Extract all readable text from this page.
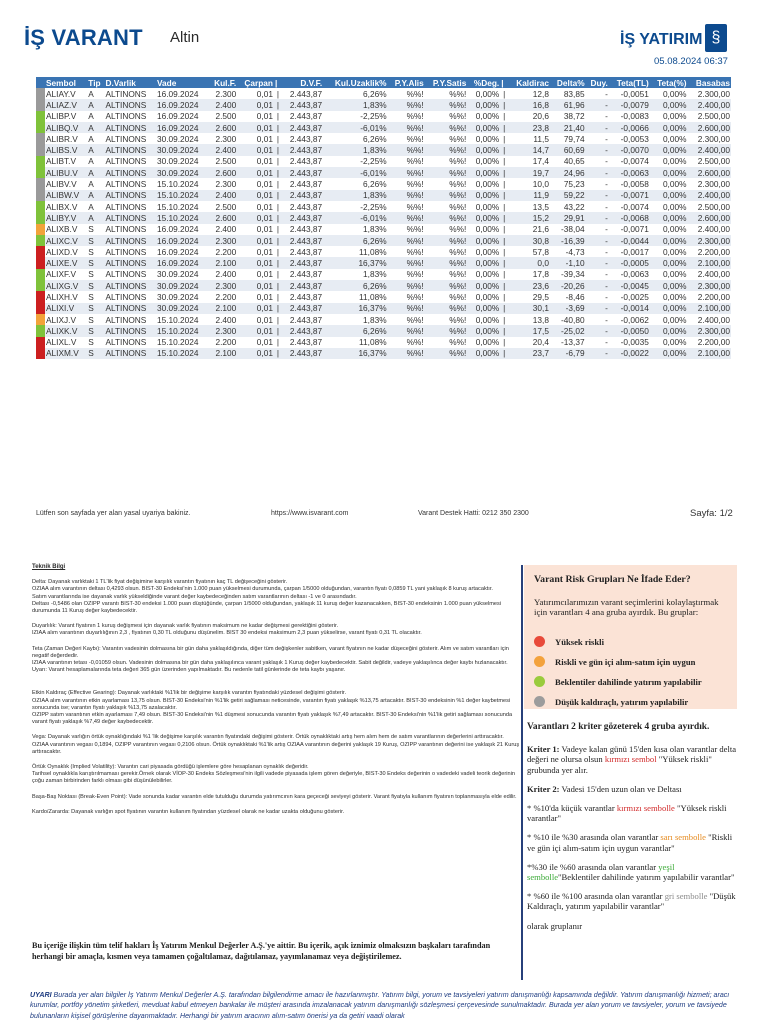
İŞ VARANT Altin	İŞ YATIRIM §
05.08.2024 06:37
	Sembol	Tip	D.Varlik	Vade	Kul.F.	Çarpan	|	D.V.F.	Kul.Uzaklik%	P.Y.Alis	P.Y.Satis	%Deg.	|	Kaldirac	Delta%	Duy.	Teta(TL)	Teta(%)	Basabas
	ALIAY.V	A	ALTINONS	16.09.2024	2.300	0,01	|	2.443,87	6,26%	%%!	%%!	0,00%	|	12,8	83,85	-	-0,0051	0,00%	2.300,00
	ALIAZ.V	A	ALTINONS	16.09.2024	2.400	0,01	|	2.443,87	1,83%	%%!	%%!	0,00%	|	16,8	61,96	-	-0,0079	0,00%	2.400,00
	ALIBP.V	A	ALTINONS	16.09.2024	2.500	0,01	|	2.443,87	-2,25%	%%!	%%!	0,00%	|	20,6	38,72	-	-0,0083	0,00%	2.500,00
	ALIBQ.V	A	ALTINONS	16.09.2024	2.600	0,01	|	2.443,87	-6,01%	%%!	%%!	0,00%	|	23,8	21,40	-	-0,0066	0,00%	2.600,00
	ALIBR.V	A	ALTINONS	30.09.2024	2.300	0,01	|	2.443,87	6,26%	%%!	%%!	0,00%	|	11,5	79,74	-	-0,0053	0,00%	2.300,00
	ALIBS.V	A	ALTINONS	30.09.2024	2.400	0,01	|	2.443,87	1,83%	%%!	%%!	0,00%	|	14,7	60,69	-	-0,0070	0,00%	2.400,00
	ALIBT.V	A	ALTINONS	30.09.2024	2.500	0,01	|	2.443,87	-2,25%	%%!	%%!	0,00%	|	17,4	40,65	-	-0,0074	0,00%	2.500,00
	ALIBU.V	A	ALTINONS	30.09.2024	2.600	0,01	|	2.443,87	-6,01%	%%!	%%!	0,00%	|	19,7	24,96	-	-0,0063	0,00%	2.600,00
	ALIBV.V	A	ALTINONS	15.10.2024	2.300	0,01	|	2.443,87	6,26%	%%!	%%!	0,00%	|	10,0	75,23	-	-0,0058	0,00%	2.300,00
	ALIBW.V	A	ALTINONS	15.10.2024	2.400	0,01	|	2.443,87	1,83%	%%!	%%!	0,00%	|	11,9	59,22	-	-0,0071	0,00%	2.400,00
	ALIBX.V	A	ALTINONS	15.10.2024	2.500	0,01	|	2.443,87	-2,25%	%%!	%%!	0,00%	|	13,5	43,22	-	-0,0074	0,00%	2.500,00
	ALIBY.V	A	ALTINONS	15.10.2024	2.600	0,01	|	2.443,87	-6,01%	%%!	%%!	0,00%	|	15,2	29,91	-	-0,0068	0,00%	2.600,00
	ALIXB.V	S	ALTINONS	16.09.2024	2.400	0,01	|	2.443,87	1,83%	%%!	%%!	0,00%	|	21,6	-38,04	-	-0,0071	0,00%	2.400,00
	ALIXC.V	S	ALTINONS	16.09.2024	2.300	0,01	|	2.443,87	6,26%	%%!	%%!	0,00%	|	30,8	-16,39	-	-0,0044	0,00%	2.300,00
	ALIXD.V	S	ALTINONS	16.09.2024	2.200	0,01	|	2.443,87	11,08%	%%!	%%!	0,00%	|	57,8	-4,73	-	-0,0017	0,00%	2.200,00
	ALIXE.V	S	ALTINONS	16.09.2024	2.100	0,01	|	2.443,87	16,37%	%%!	%%!	0,00%	|	0,0	-1,10	-	-0,0005	0,00%	2.100,00
	ALIXF.V	S	ALTINONS	30.09.2024	2.400	0,01	|	2.443,87	1,83%	%%!	%%!	0,00%	|	17,8	-39,34	-	-0,0063	0,00%	2.400,00
	ALIXG.V	S	ALTINONS	30.09.2024	2.300	0,01	|	2.443,87	6,26%	%%!	%%!	0,00%	|	23,6	-20,26	-	-0,0045	0,00%	2.300,00
	ALIXH.V	S	ALTINONS	30.09.2024	2.200	0,01	|	2.443,87	11,08%	%%!	%%!	0,00%	|	29,5	-8,46	-	-0,0025	0,00%	2.200,00
	ALIXI.V	S	ALTINONS	30.09.2024	2.100	0,01	|	2.443,87	16,37%	%%!	%%!	0,00%	|	30,1	-3,69	-	-0,0014	0,00%	2.100,00
	ALIXJ.V	S	ALTINONS	15.10.2024	2.400	0,01	|	2.443,87	1,83%	%%!	%%!	0,00%	|	13,8	-40,80	-	-0,0062	0,00%	2.400,00
	ALIXK.V	S	ALTINONS	15.10.2024	2.300	0,01	|	2.443,87	6,26%	%%!	%%!	0,00%	|	17,5	-25,02	-	-0,0050	0,00%	2.300,00
	ALIXL.V	S	ALTINONS	15.10.2024	2.200	0,01	|	2.443,87	11,08%	%%!	%%!	0,00%	|	20,4	-13,37	-	-0,0035	0,00%	2.200,00
	ALIXM.V	S	ALTINONS	15.10.2024	2.100	0,01	|	2.443,87	16,37%	%%!	%%!	0,00%	|	23,7	-6,79	-	-0,0022	0,00%	2.100,00
Lütfen son sayfada yer alan yasal uyariya bakiniz.	https://www.isvarant.com	Varant Destek Hatti: 0212 350 2300	Sayfa: 1/2
Teknik Bilgi

Delta: Dayanak varlıktaki 1 TL'lik fiyat değişimine karşılık varantın fiyatının kaç TL değişeceğini gösterir.

OZIAA alım varantının deltası 0,4293 olsun. BIST-30 Endeksi'nin 1.000 puan yükselmesi durumunda, çarpan 1/5000 olduğundan, varantın fiyatı 0,0859 TL yani yaklaşık 8 kuruş artacaktır.

Satım varantlarında ise dayanak varlık yükseldiğinde varant değer kaybedeceğinden satım varantlarının deltası -1 ve 0 arasındadır.

Deltası -0,5486 olan OZIPP varantı BIST-30 endeksi 1.000 puan düştüğünde, çarpan 1/5000 olduğundan, yaklaşık 11 kuruş değer kazanacakken, BIST-30 endeksinin 1.000 puan yükselmesi durumunda 11 Kuruş değer kaybedecektir.

Duyarlılık: Varant fiyatının 1 kuruş değişmesi için dayanak varlık fiyatının maksimum ne kadar değişmesi gerektiğini gösterir.

IZIAA alım varantının duyarlılığının 2,3 , fiyatının 0,30 TL olduğunu düşünelim. BIST 30 endeksi maksimum 2,3 puan yükselirse, varant fiyatı 0,31 TL olacaktır.

Teta (Zaman Değeri Kaybı): Varantın vadesinin dolmasına bir gün daha yaklaşıldığında, diğer tüm değişkenler sabitken, varant fiyatının ne kadar düşeceğini gösterir. Alım ve satım varantları için negatif değerdedir.

IZIAA varantının tetası -0,01059 olsun. Vadesinin dolmasına bir gün daha yaklaşılınca varant yaklaşık 1 Kuruş değer kaybedecektir. Sabit değildir, vadeye yaklaşılınca değer kaybı hızlanacaktır.

Uyarı: Varant hesaplamalarında teta değeri 365 gün üzerinden yapılmaktadır. Bu nedenle tatil günlerinde de teta kaybı yaşanır.

Etkin Kaldıraç (Effective Gearing): Dayanak varlıktaki %1'lik bir değişime karşılık varantın fiyatındaki yüzdesel değişimi gösterir.

OZIAA alım varantının etkin ayarlaması 13,75 olsun. BIST-30 Endeksi'nin %1'lik getiri sağlaması neticesinde, varantın fiyatı yaklaşık %13,75 artacaktır. BIST-30 endeksinin %1 değer kaybetmesi sonucunda ise; varantın fiyatı yaklaşık %13,75 azalacaktır.

OZIPP satım varantının etkin ayarlaması 7,49 olsun. BIST-30 Endeksi'nin %1 düşmesi sonucunda varantın fiyatı yaklaşık %7,49 artacaktır. BIST-30 Endeksi'nin %1'lik getiri sağlaması sonucunda varant fiyatı yaklaşık %7,49 değer kaybedecektir.

Vega: Dayanak varlığın örtük oynaklığındaki %1 'lik değişime karşılık varantın fiyatındaki değişimi gösterir. Örtük oynaklıktaki artış hem alım hem de satım varantlarının değerlerini arttıracaktır.

OZIAA varantının vegası 0,1894, OZIPP varantının vegası 0,2106 olsun. Örtük oynaklıktaki %1'lik artış OZIAA varantının değerini yaklaşık 19 Kuruş, OZIPP varantının değerini ise yaklaşık 21 Kuruş arttıracaktır.

Örtük Oynaklık (Implied Volatility): Varantın cari piyasada gördüğü işlemlere göre hesaplanan oynaklık değeridir.

Tarihsel oynaklıkla karıştırılmaması gerekir.Örnek olarak VİOP-30 Endeks Sözleşmesi'nin ilgili vadede piyasada işlem gören değeriyle, BIST-30 Endeks değerinin o vadedeki vadeli teorik değerinin çoğu zaman birbirinden farklı olması gibi düşünülebilirler.

Başa-Baş Noktası (Break-Even Point): Vade sonunda kadar varantın elde tutulduğu durumda yatırımcının kara geçeceği seviyeyi gösterir. Varant fiyatıyla kullanım fiyatının toplanmasıyla elde edilir.

Kardo/Zararda: Dayanak varlığın spot fiyatının varantın kullanım fiyatından yüzdesel olarak ne kadar uzakta olduğunu gösterir.

Bu içeriğe ilişkin tüm telif hakları İş Yatırım Menkul Değerler A.Ş.'ye aittir. Bu içerik, açık iznimiz olmaksızın başkaları tarafından herhangi bir amaçla, kısmen veya tamamen çoğaltılamaz, dağıtılamaz, yayımlanamaz veya değiştirilemez.
Varant Risk Grupları Ne İfade Eder?
Yatırımcılarımızın varant seçimlerini kolaylaştırmak için varantları 4 ana gruba ayırdık. Bu gruplar:
Yüksek riskli
Riskli ve gün içi alım-satım için uygun
Beklentiler dahilinde yatırım yapılabilir
Düşük kaldıraçlı, yatırım yapılabilir
Varantları 2 kriter gözeterek 4 gruba ayırdık.

Kriter 1: Vadeye kalan günü 15'den kısa olan varantlar delta değeri ne olursa olsun kırmızı sembol "Yüksek riskli" grubunda yer alır.

Kriter 2: Vadesi 15'den uzun olan ve Deltası

* %10'da küçük varantlar kırmızı sembolle "Yüksek riskli varantlar"

* %10 ile %30 arasında olan varantlar sarı sembolle "Riskli ve gün içi alım-satım için uygun varantlar"

*%30 ile %60 arasında olan varantlar yeşil sembolle"Beklentiler dahilinde yatırım yapılabilir varantlar"

* %60 ile %100 arasında olan varantlar gri sembolle "Düşük Kaldıraçlı, yatırım yapılabilir varantlar"

olarak gruplanır

UYARI Burada yer alan bilgiler İş Yatırım Menkul Değerler A.Ş. tarafından bilgilendirme amacı ile hazırlanmıştır. Yatırım bilgi, yorum ve tavsiyeleri yatırım danışmanlığı kapsamında değildir. Yatırım danışmanlığı hizmeti; aracı kurumlar, portföy yönetim şirketleri, mevduat kabul etmeyen bankalar ile müşteri arasında imzalanacak yatırım danışmanlığı sözleşmesi çerçevesinde sunulmaktadır. Burada yer alan yorum ve tavsiyeler, yorum ve tavsiyede bulunanların kişisel görüşlerine dayanmaktadır. Herhangi bir yatırım aracının alım-satım önerisi ya da getiri vaadi olarak
